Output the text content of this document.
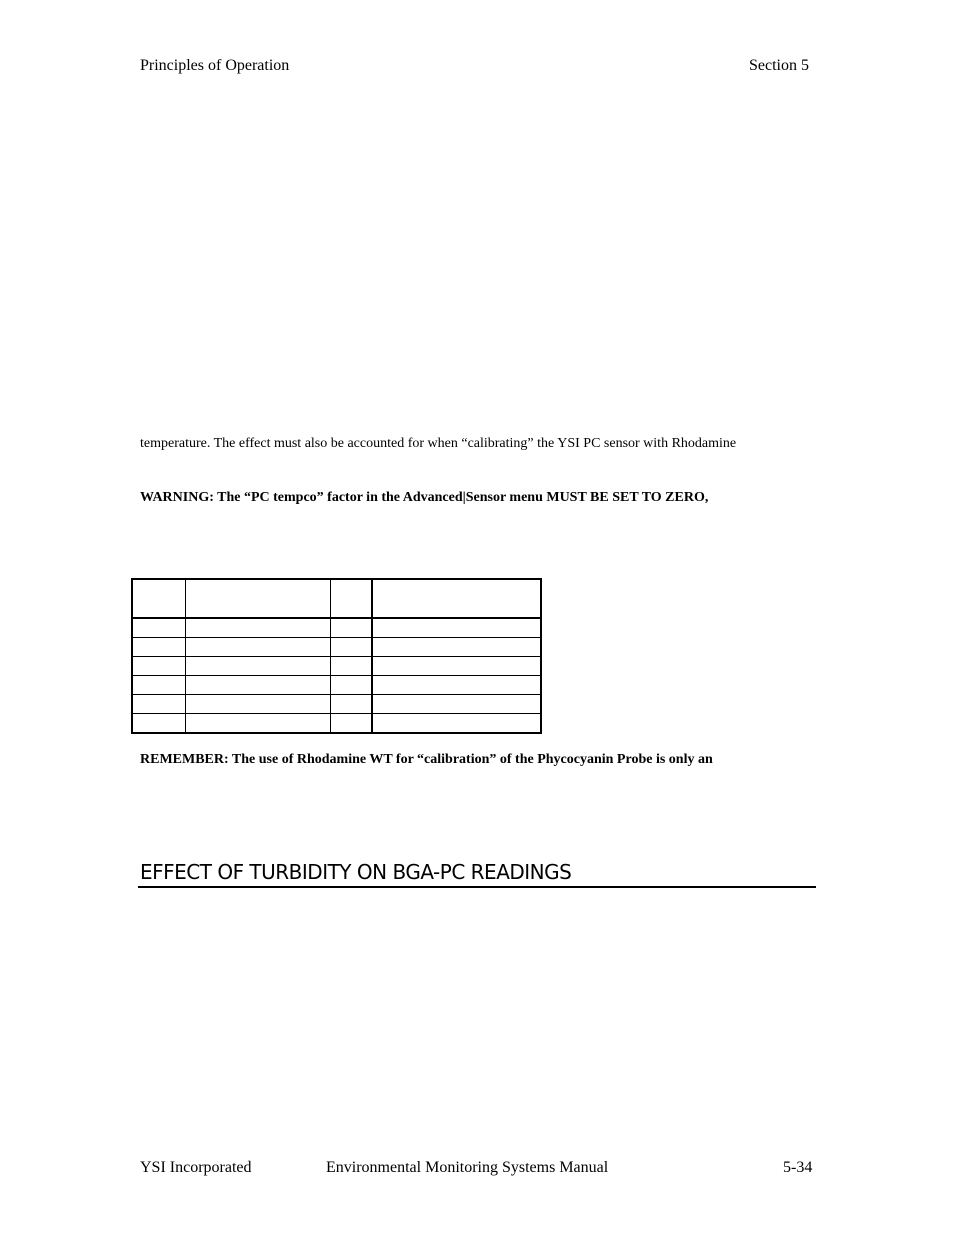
Principles of Operation	Section 5
temperature. The effect must also be accounted for when “calibrating” the YSI PC sensor with Rhodamine
WARNING: The “PC tempco” factor in the Advanced|Sensor menu MUST BE SET TO ZERO,

REMEMBER: The use of Rhodamine WT for “calibration” of the Phycocyanin Probe is only an
EFFECT OF TURBIDITY ON BGA-PC READINGS
YSI Incorporated	Environmental Monitoring Systems Manual	5-34
